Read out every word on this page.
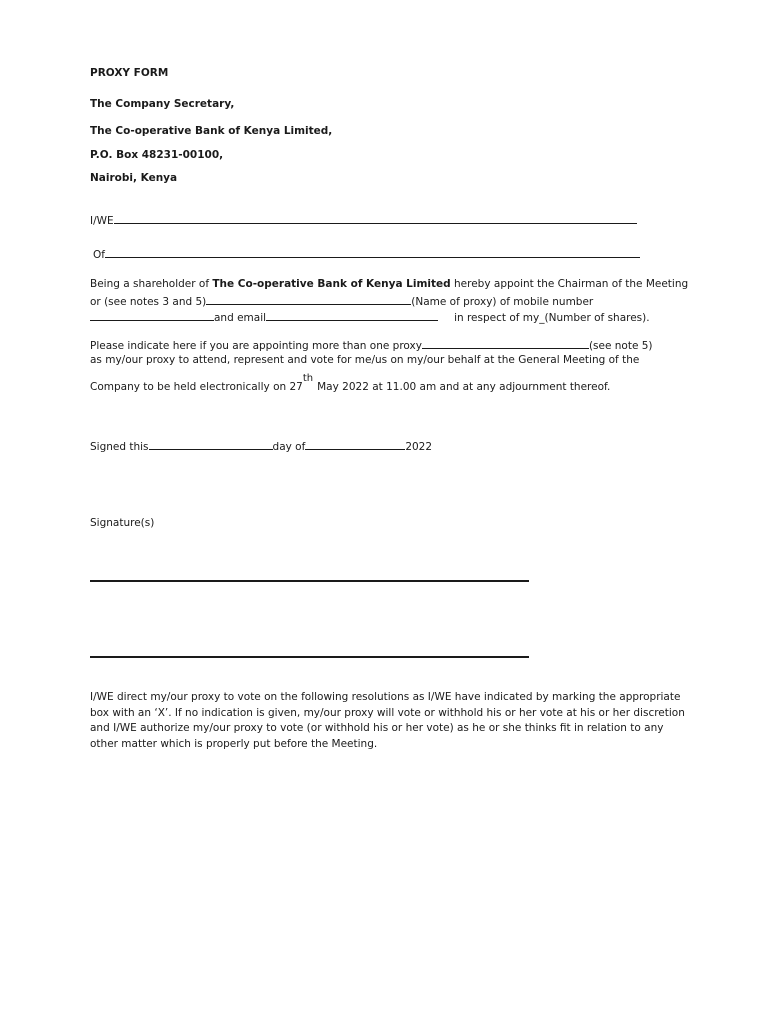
PROXY FORM
The Company Secretary,
The Co-operative Bank of Kenya Limited,
P.O. Box 48231-00100,
Nairobi, Kenya
I/WE
Of
Being a shareholder of The Co-operative Bank of Kenya Limited hereby appoint the Chairman of the Meeting
or (see notes 3 and 5)	(Name of proxy) of mobile number
and email	in respect of my_(Number of shares).
Please indicate here if you are appointing more than one proxy	(see note 5)
as my/our proxy to attend, represent and vote for me/us on my/our behalf at the General Meeting of the
Company to be held electronically on 27thMay 2022 at 11.00 am and at any adjournment thereof.
Signed this	day of	2022
Signature(s)
I/WE direct my/our proxy to vote on the following resolutions as I/WE have indicated by marking the appropriate box with an ‘X’. If no indication is given, my/our proxy will vote or withhold his or her vote at his or her discretion and I/WE authorize my/our proxy to vote (or withhold his or her vote) as he or she thinks fit in relation to any other matter which is properly put before the Meeting.
